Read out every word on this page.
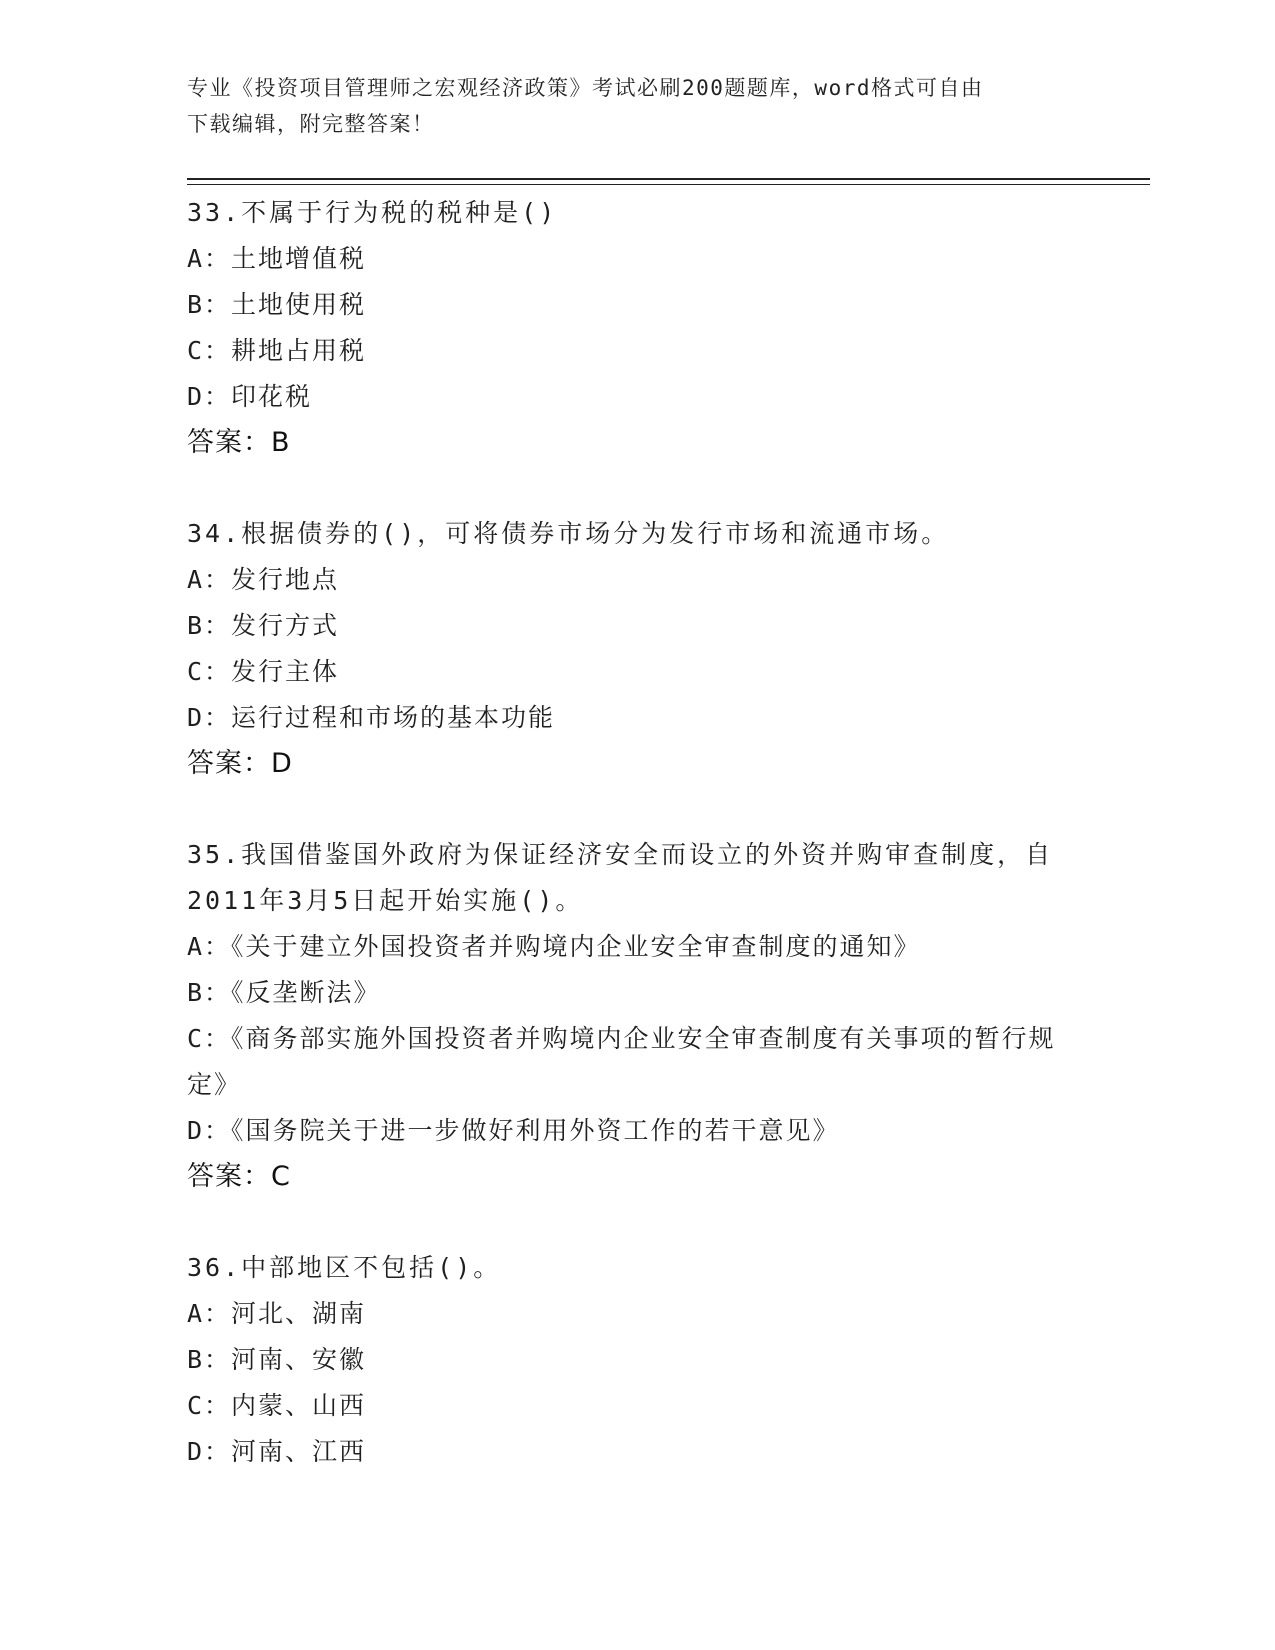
专业《投资项目管理师之宏观经济政策》考试必刷200题题库，word格式可自由
下载编辑，附完整答案！
33.不属于行为税的税种是()
A：土地增值税
B：土地使用税
C：耕地占用税
D：印花税
答案：B
34.根据债券的()，可将债券市场分为发行市场和流通市场。
A：发行地点
B：发行方式
C：发行主体
D：运行过程和市场的基本功能
答案：D
35.我国借鉴国外政府为保证经济安全而设立的外资并购审查制度，自2011年3月5日起开始实施()。
A：《关于建立外国投资者并购境内企业安全审查制度的通知》
B：《反垄断法》
C：《商务部实施外国投资者并购境内企业安全审查制度有关事项的暂行规定》
D：《国务院关于进一步做好利用外资工作的若干意见》
答案：C
36.中部地区不包括()。
A：河北、湖南
B：河南、安徽
C：内蒙、山西
D：河南、江西
